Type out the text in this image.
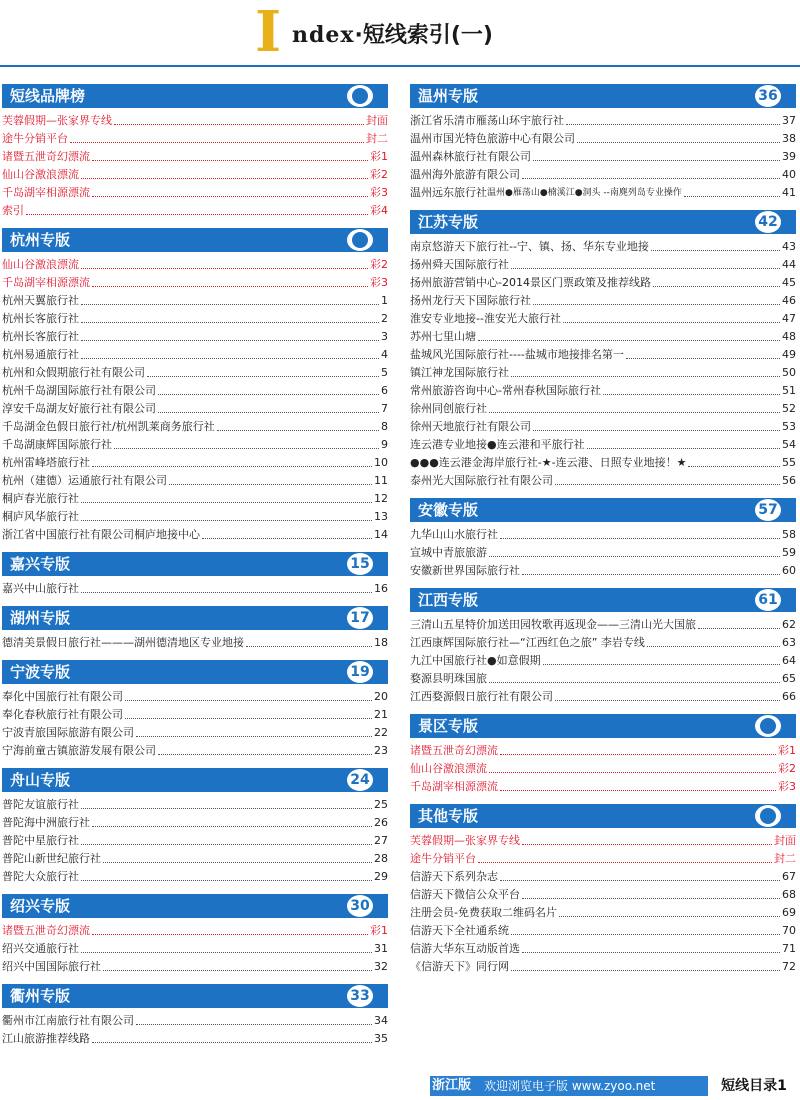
I ndex·短线索引(一)
短线品牌榜
芙蓉假期—张家界专线	封面
途牛分销平台	封二
诸暨五泄奇幻漂流	彩1
仙山谷激浪漂流	彩2
千岛湖宰相源漂流	彩3
索引	彩4
杭州专版
仙山谷激浪漂流	彩2
千岛湖宰相源漂流	彩3
杭州天翼旅行社	1
杭州长客旅行社	2
杭州长客旅行社	3
杭州易通旅行社	4
杭州和众假期旅行社有限公司	5
杭州千岛湖国际旅行社有限公司	6
淳安千岛湖友好旅行社有限公司	7
千岛湖金色假日旅行社/杭州凯莱商务旅行社	8
千岛湖康辉国际旅行社	9
杭州雷峰塔旅行社	10
杭州（建德）运通旅行社有限公司	11
桐庐春光旅行社	12
桐庐风华旅行社	13
浙江省中国旅行社有限公司桐庐地接中心	14
嘉兴专版	15
嘉兴中山旅行社	16
湖州专版	17
德清美景假日旅行社———湖州德清地区专业地接	18
宁波专版	19
奉化中国旅行社有限公司	20
奉化春秋旅行社有限公司	21
宁波青旅国际旅游有限公司	22
宁海前童古镇旅游发展有限公司	23
舟山专版	24
普陀友谊旅行社	25
普陀海中洲旅行社	26
普陀中星旅行社	27
普陀山新世纪旅行社	28
普陀大众旅行社	29
绍兴专版	30
诸暨五泄奇幻漂流	彩1
绍兴交通旅行社	31
绍兴中国国际旅行社	32
衢州专版	33
衢州市江南旅行社有限公司	34
江山旅游推荐线路	35
温州专版	36
浙江省乐清市雁荡山环宇旅行社	37
温州市国光特色旅游中心有限公司	38
温州森林旅行社有限公司	39
温州海外旅游有限公司	40
温州远东旅行社 温州●雁荡山●楠溪江●洞头 --南麂列岛专业操作	41
江苏专版	42
南京悠游天下旅行社--宁、镇、扬、华东专业地接	43
扬州舜天国际旅行社	44
扬州旅游营销中心-2014景区门票政策及推荐线路	45
扬州龙行天下国际旅行社	46
淮安专业地接--淮安光大旅行社	47
苏州七里山塘	48
盐城风光国际旅行社----盐城市地接排名第一	49
镇江神龙国际旅行社	50
常州旅游咨询中心-常州春秋国际旅行社	51
徐州同创旅行社	52
徐州天地旅行社有限公司	53
连云港专业地接●连云港和平旅行社	54
●●●连云港金海岸旅行社-★-连云港、日照专业地接！★	55
泰州光大国际旅行社有限公司	56
安徽专版	57
九华山山水旅行社	58
宣城中青旅旅游	59
安徽新世界国际旅行社	60
江西专版	61
三清山五星特价加送田园牧歌再返现金——三清山光大国旅	62
江西康辉国际旅行社—“江西红色之旅” 李岩专线	63
九江中国旅行社●如意假期	64
婺源县明珠国旅	65
江西婺源假日旅行社有限公司	66
景区专版
诸暨五泄奇幻漂流	彩1
仙山谷激浪漂流	彩2
千岛湖宰相源漂流	彩3
其他专版
芙蓉假期—张家界专线	封面
途牛分销平台	封二
信游天下系列杂志	67
信游天下微信公众平台	68
注册会员-免费获取二维码名片	69
信游天下全社通系统	70
信游大华东互动版首选	71
《信游天下》同行网	72
浙江版 欢迎浏览电子版 www.zyoo.net	短线目录1
